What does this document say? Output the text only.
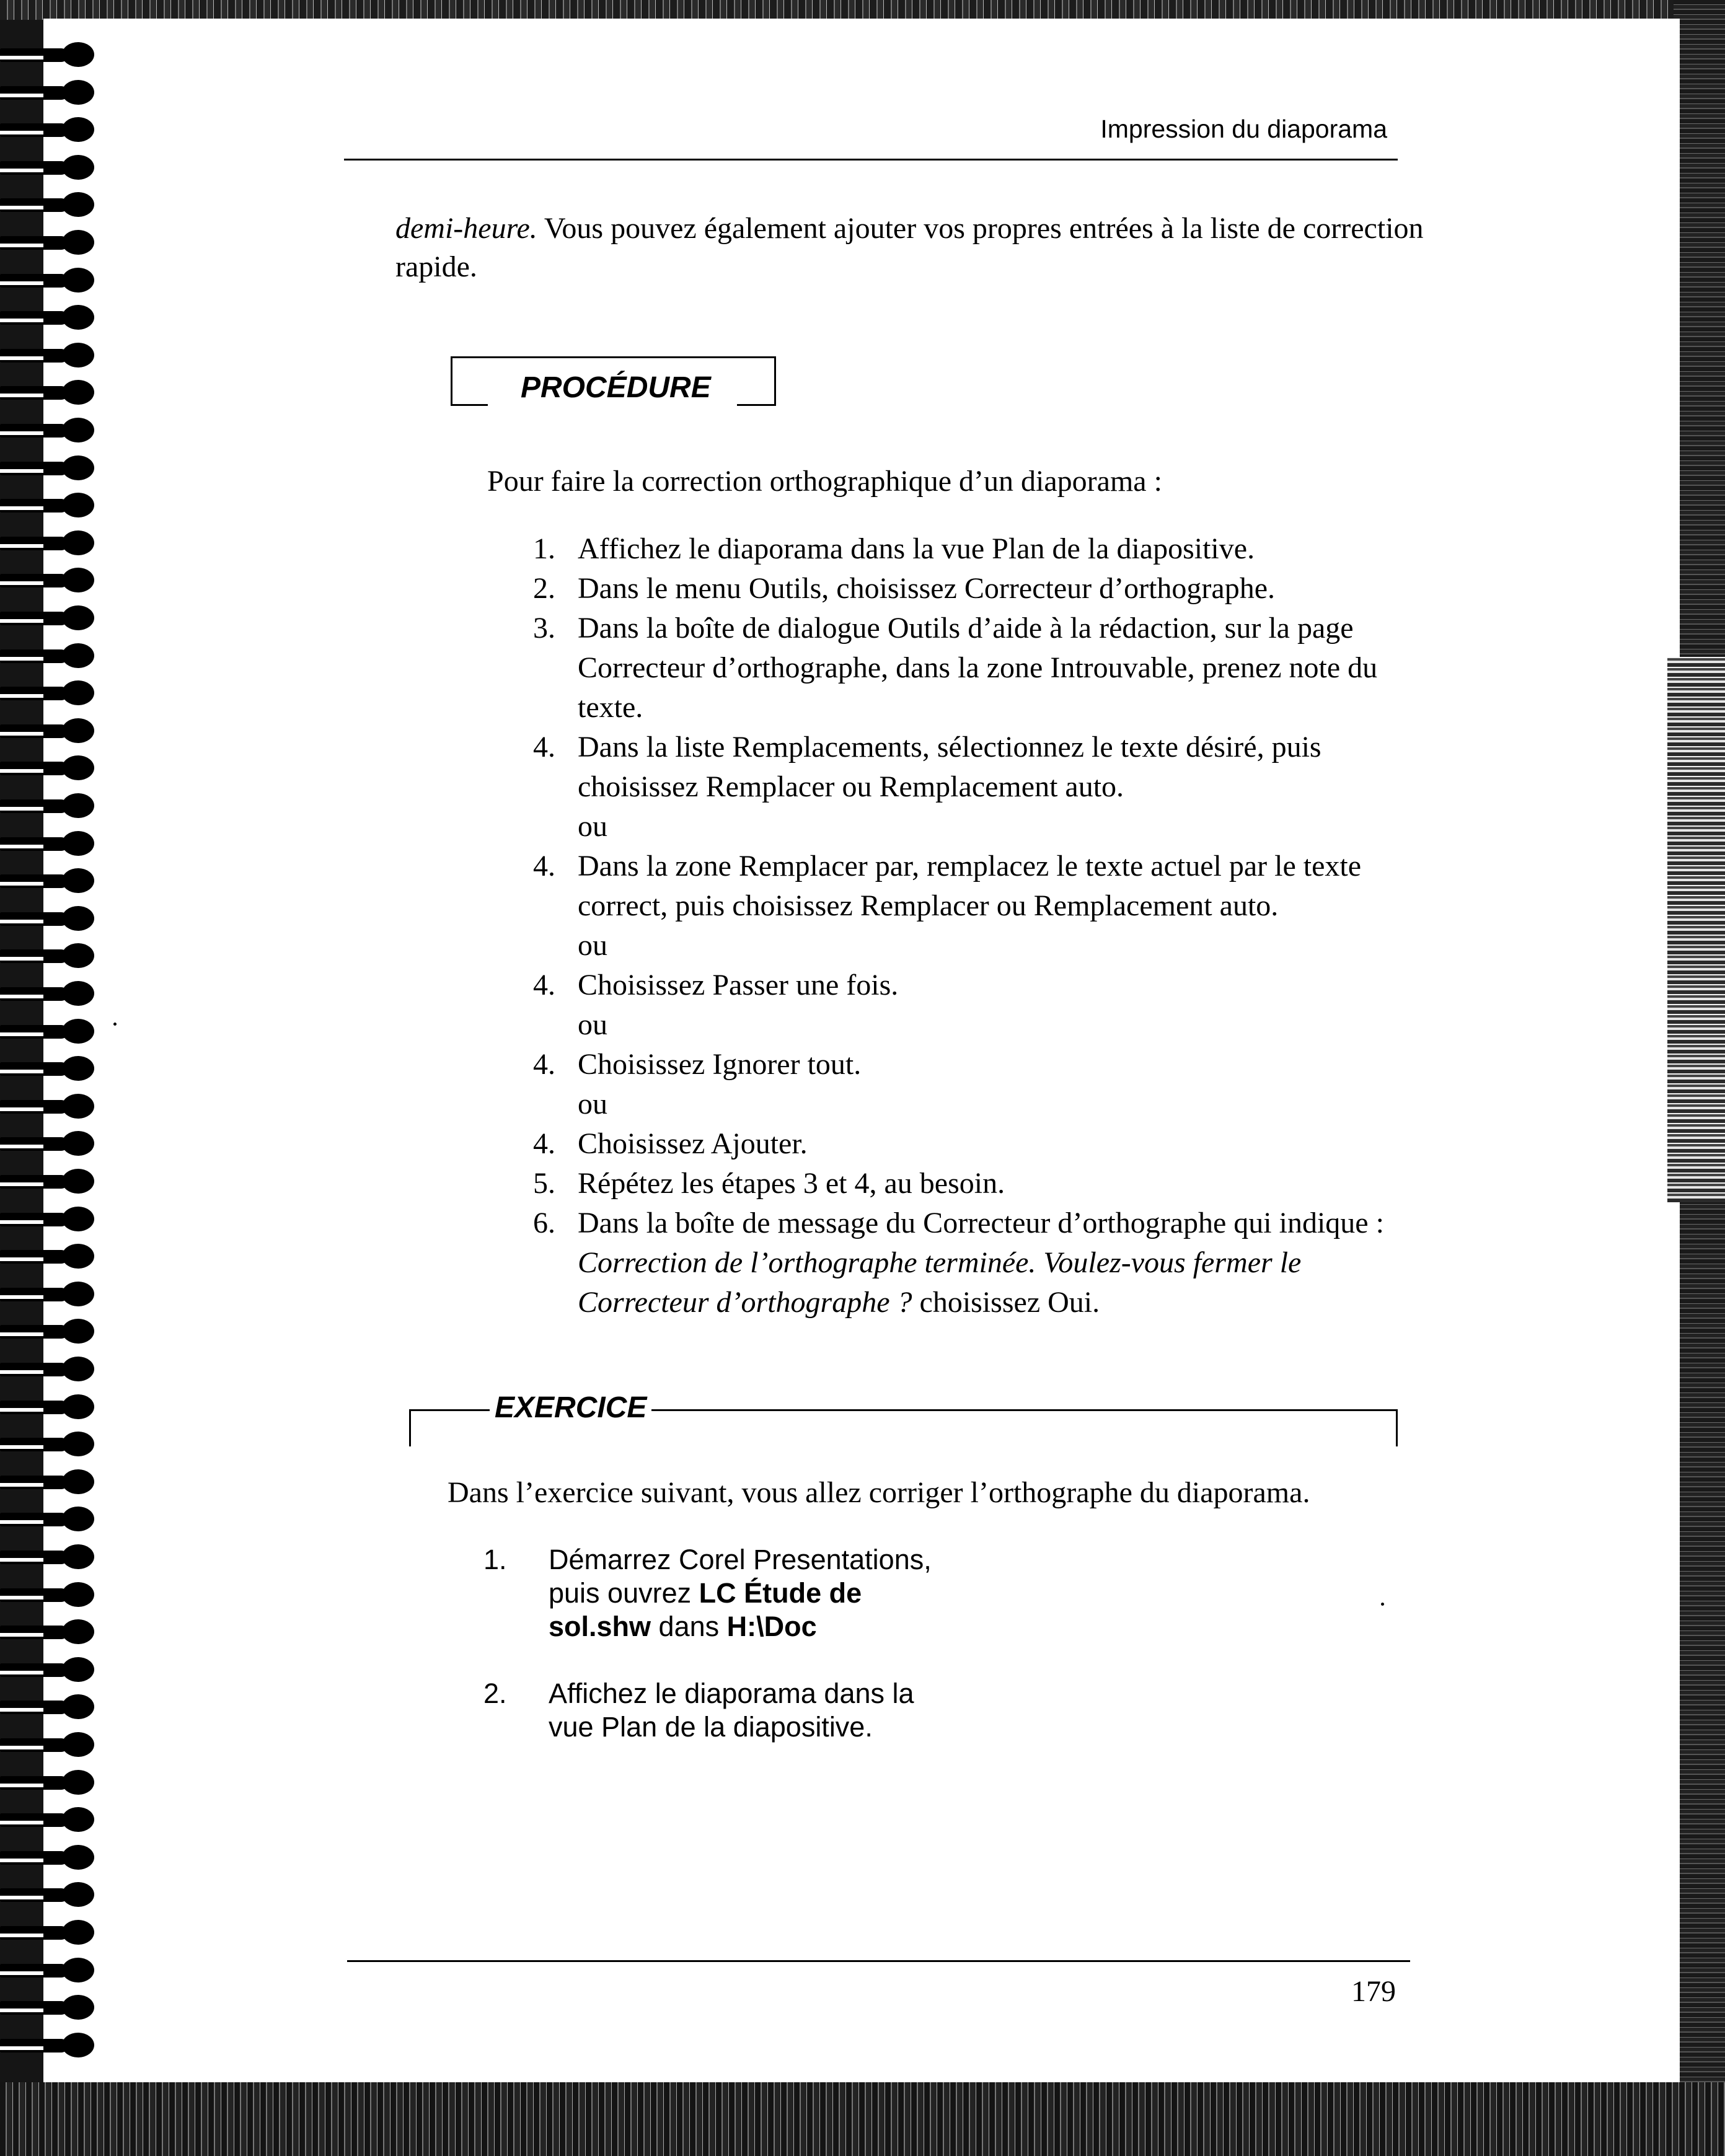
Impression du diaporama
demi-heure. Vous pouvez également ajouter vos propres entrées à la liste de correction rapide.
PROCÉDURE
Pour faire la correction orthographique d’un diaporama :
1. Affichez le diaporama dans la vue Plan de la diapositive.
2. Dans le menu Outils, choisissez Correcteur d’orthographe.
3. Dans la boîte de dialogue Outils d’aide à la rédaction, sur la page Correcteur d’orthographe, dans la zone Introuvable, prenez note du texte.
4. Dans la liste Remplacements, sélectionnez le texte désiré, puis choisissez Remplacer ou Remplacement auto.
ou
4. Dans la zone Remplacer par, remplacez le texte actuel par le texte correct, puis choisissez Remplacer ou Remplacement auto.
ou
4. Choisissez Passer une fois.
ou
4. Choisissez Ignorer tout.
ou
4. Choisissez Ajouter.
5. Répétez les étapes 3 et 4, au besoin.
6. Dans la boîte de message du Correcteur d’orthographe qui indique : Correction de l’orthographe terminée. Voulez-vous fermer le Correcteur d’orthographe ? choisissez Oui.
EXERCICE
Dans l’exercice suivant, vous allez corriger l’orthographe du diaporama.
1. Démarrez Corel Presentations,
puis ouvrez LC Étude de
sol.shw dans H:\Doc
2. Affichez le diaporama dans la
vue Plan de la diapositive.
179
